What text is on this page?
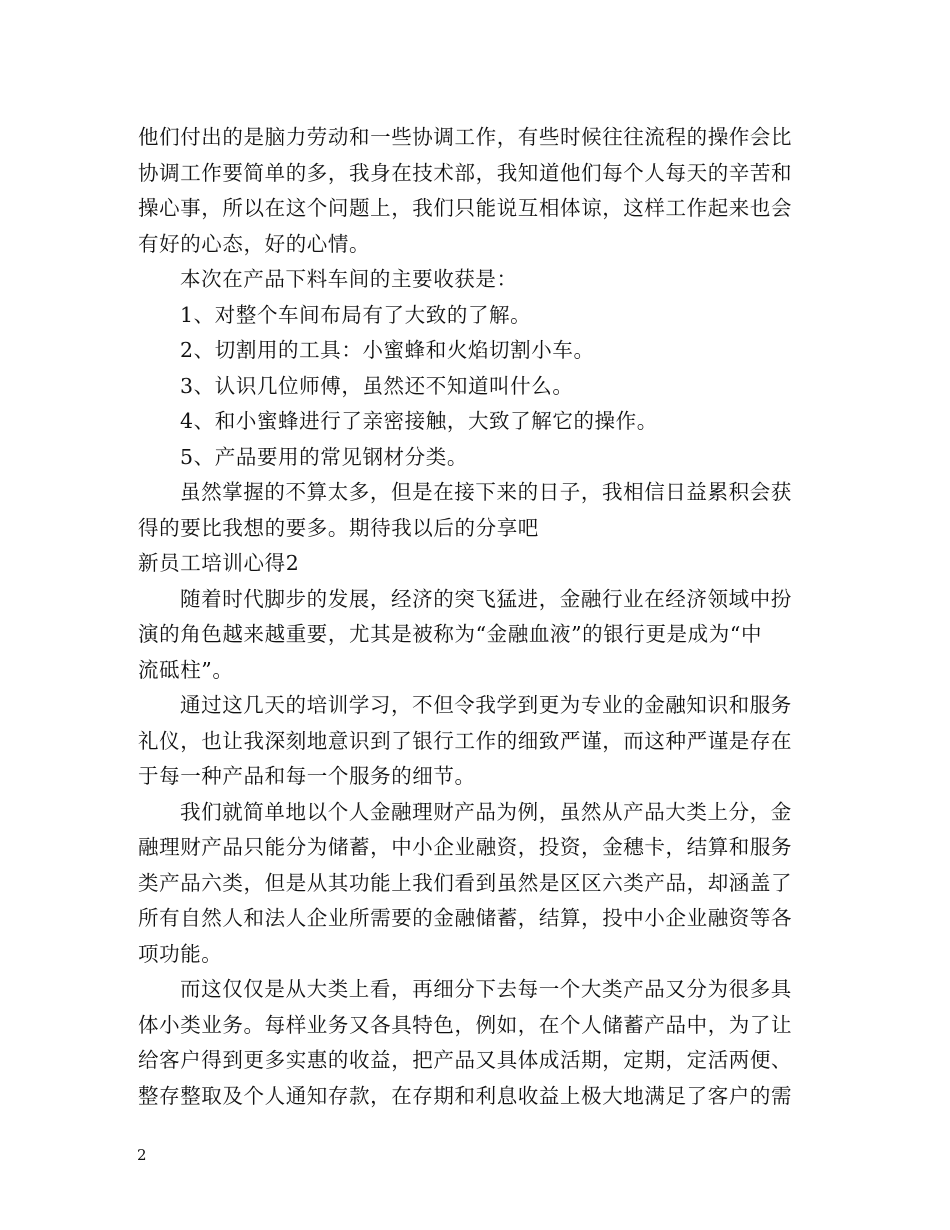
他们付出的是脑力劳动和一些协调工作，有些时候往往流程的操作会比
协调工作要简单的多，我身在技术部，我知道他们每个人每天的辛苦和
操心事，所以在这个问题上，我们只能说互相体谅，这样工作起来也会
有好的心态，好的心情。
本次在产品下料车间的主要收获是：
1、对整个车间布局有了大致的了解。
2、切割用的工具：小蜜蜂和火焰切割小车。
3、认识几位师傅，虽然还不知道叫什么。
4、和小蜜蜂进行了亲密接触，大致了解它的操作。
5、产品要用的常见钢材分类。
虽然掌握的不算太多，但是在接下来的日子，我相信日益累积会获
得的要比我想的要多。期待我以后的分享吧
新员工培训心得2
随着时代脚步的发展，经济的突飞猛进，金融行业在经济领域中扮
演的角色越来越重要，尤其是被称为“金融血液”的银行更是成为“中
流砥柱”。
通过这几天的培训学习，不但令我学到更为专业的金融知识和服务
礼仪，也让我深刻地意识到了银行工作的细致严谨，而这种严谨是存在
于每一种产品和每一个服务的细节。
我们就简单地以个人金融理财产品为例，虽然从产品大类上分，金
融理财产品只能分为储蓄，中小企业融资，投资，金穗卡，结算和服务
类产品六类，但是从其功能上我们看到虽然是区区六类产品，却涵盖了
所有自然人和法人企业所需要的金融储蓄，结算，投中小企业融资等各
项功能。
而这仅仅是从大类上看，再细分下去每一个大类产品又分为很多具
体小类业务。每样业务又各具特色，例如，在个人储蓄产品中，为了让
给客户得到更多实惠的收益，把产品又具体成活期，定期，定活两便、
整存整取及个人通知存款，在存期和利息收益上极大地满足了客户的需
2
